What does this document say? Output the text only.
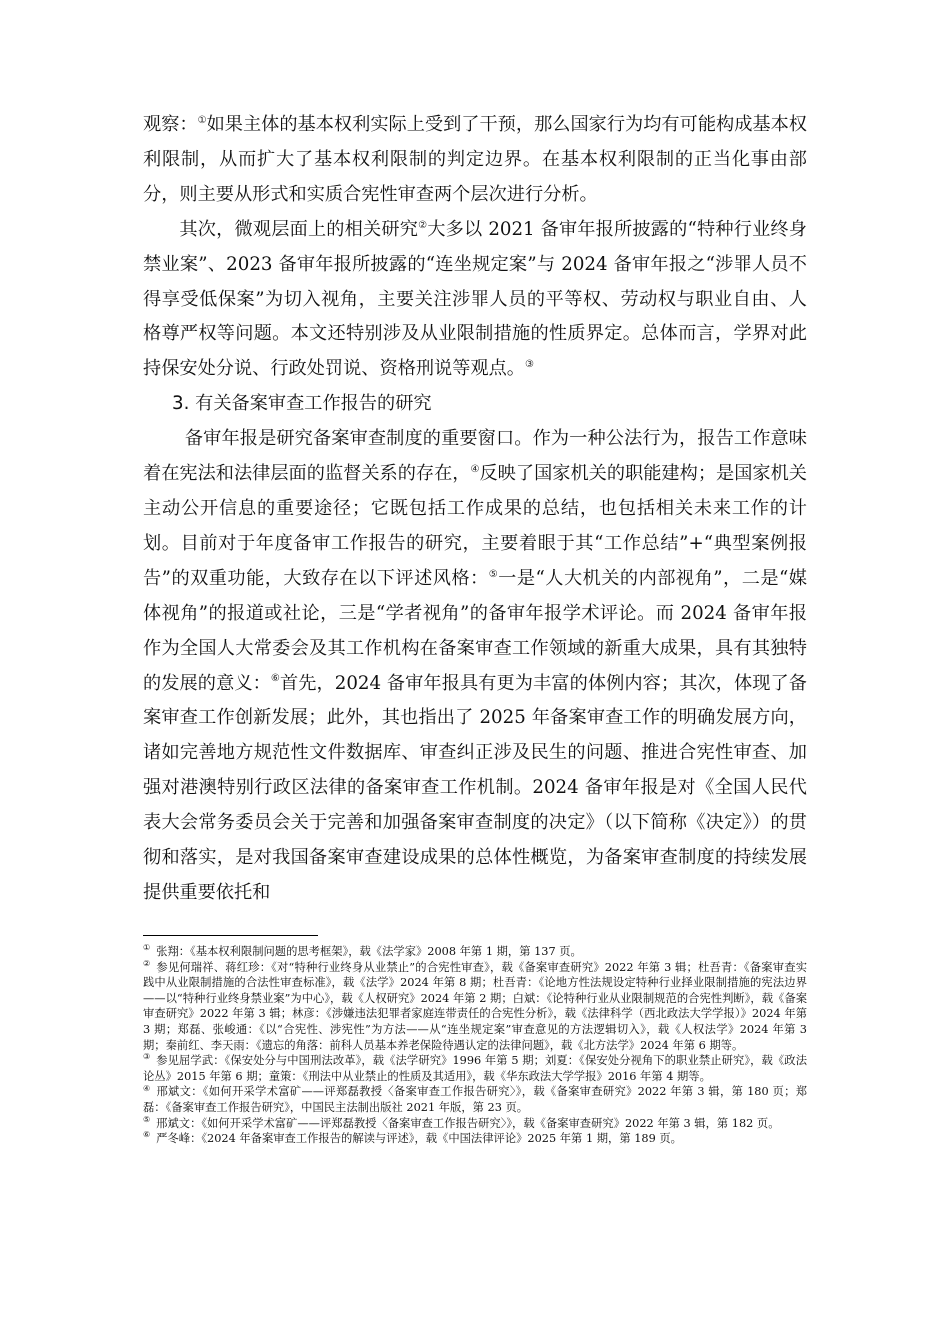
观察：①如果主体的基本权利实际上受到了干预，那么国家行为均有可能构成基本权利限制，从而扩大了基本权利限制的判定边界。在基本权利限制的正当化事由部分，则主要从形式和实质合宪性审查两个层次进行分析。

其次，微观层面上的相关研究②大多以 2021 备审年报所披露的“特种行业终身禁业案”、2023 备审年报所披露的“连坐规定案”与 2024 备审年报之“涉罪人员不得享受低保案”为切入视角，主要关注涉罪人员的平等权、劳动权与职业自由、人格尊严权等问题。本文还特别涉及从业限制措施的性质界定。总体而言，学界对此持保安处分说、行政处罚说、资格刑说等观点。③

3. 有关备案审查工作报告的研究

备审年报是研究备案审查制度的重要窗口。作为一种公法行为，报告工作意味着在宪法和法律层面的监督关系的存在，④反映了国家机关的职能建构；是国家机关主动公开信息的重要途径；它既包括工作成果的总结，也包括相关未来工作的计划。目前对于年度备审工作报告的研究，主要着眼于其“工作总结”+“典型案例报告”的双重功能，大致存在以下评述风格：⑤一是“人大机关的内部视角”，二是“媒体视角”的报道或社论，三是“学者视角”的备审年报学术评论。而 2024 备审年报作为全国人大常委会及其工作机构在备案审查工作领域的新重大成果，具有其独特的发展的意义：⑥首先，2024 备审年报具有更为丰富的体例内容；其次，体现了备案审查工作创新发展；此外，其也指出了 2025 年备案审查工作的明确发展方向，诸如完善地方规范性文件数据库、审查纠正涉及民生的问题、推进合宪性审查、加强对港澳特别行政区法律的备案审查工作机制。2024 备审年报是对《全国人民代表大会常务委员会关于完善和加强备案审查制度的决定》（以下简称《决定》）的贯彻和落实，是对我国备案审查建设成果的总体性概览，为备案审查制度的持续发展提供重要依托和

① 张翔：《基本权利限制问题的思考框架》，载《法学家》2008 年第 1 期，第 137 页。

② 参见何瑞祥、蒋红珍：《对“特种行业终身从业禁止”的合宪性审查》，载《备案审查研究》2022 年第 3 辑；杜吾青：《备案审查实践中从业限制措施的合法性审查标准》，载《法学》2024 年第 8 期；杜吾青：《论地方性法规设定特种行业择业限制措施的宪法边界——以“特种行业终身禁业案”为中心》，载《人权研究》2024 年第 2 期；白斌：《论特种行业从业限制规范的合宪性判断》，载《备案审查研究》2022 年第 3 辑；林彦：《涉嫌违法犯罪者家庭连带责任的合宪性分析》，载《法律科学（西北政法大学学报）》2024 年第 3 期；郑磊、张峻通：《以“合宪性、涉宪性”为方法——从“连坐规定案”审查意见的方法逻辑切入》，载《人权法学》2024 年第 3 期；秦前红、李天雨：《遗忘的角落：前科人员基本养老保险待遇认定的法律问题》，载《北方法学》2024 年第 6 期等。

③ 参见屈学武：《保安处分与中国刑法改革》，载《法学研究》1996 年第 5 期；刘夏：《保安处分视角下的职业禁止研究》，载《政法论丛》2015 年第 6 期；童策：《刑法中从业禁止的性质及其适用》，载《华东政法大学学报》2016 年第 4 期等。

④ 邢斌文：《如何开采学术富矿——评郑磊教授〈备案审查工作报告研究〉》，载《备案审查研究》2022 年第 3 辑，第 180 页；郑磊：《备案审查工作报告研究》，中国民主法制出版社 2021 年版，第 23 页。

⑤ 邢斌文：《如何开采学术富矿——评郑磊教授〈备案审查工作报告研究〉》，载《备案审查研究》2022 年第 3 辑，第 182 页。

⑥ 严冬峰：《2024 年备案审查工作报告的解读与评述》，载《中国法律评论》2025 年第 1 期，第 189 页。
